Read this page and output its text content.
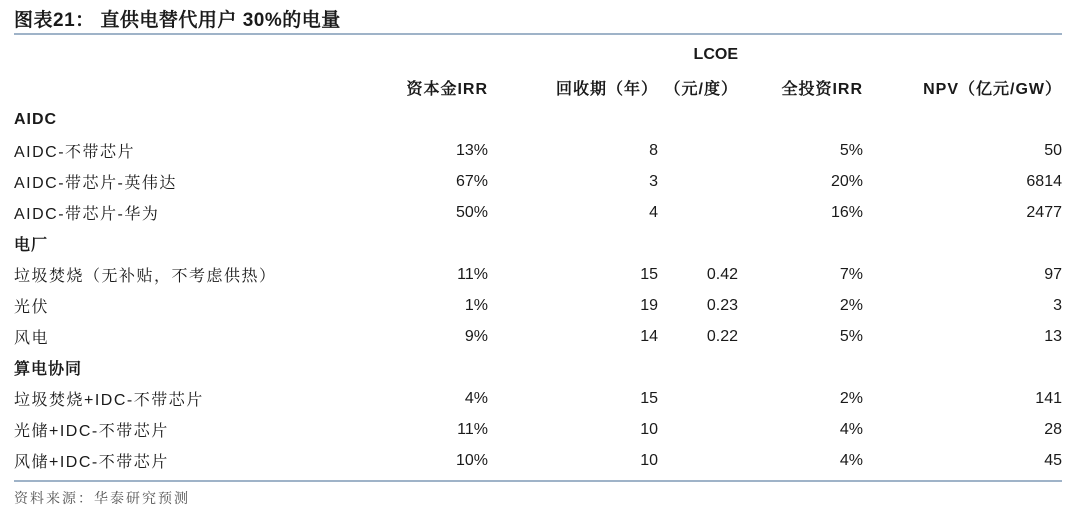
图表21： 直供电替代用户 30%的电量
			LCOE		
	资本金IRR	回收期（年）	（元/度）	全投资IRR	NPV（亿元/GW）
AIDC					
AIDC-不带芯片	13%	8		5%	50
AIDC-带芯片-英伟达	67%	3		20%	6814
AIDC-带芯片-华为	50%	4		16%	2477
电厂					
垃圾焚烧（无补贴，不考虑供热）	11%	15	0.42	7%	97
光伏	1%	19	0.23	2%	3
风电	9%	14	0.22	5%	13
算电协同					
垃圾焚烧+IDC-不带芯片	4%	15		2%	141
光储+IDC-不带芯片	11%	10		4%	28
风储+IDC-不带芯片	10%	10		4%	45
资料来源：华泰研究预测
